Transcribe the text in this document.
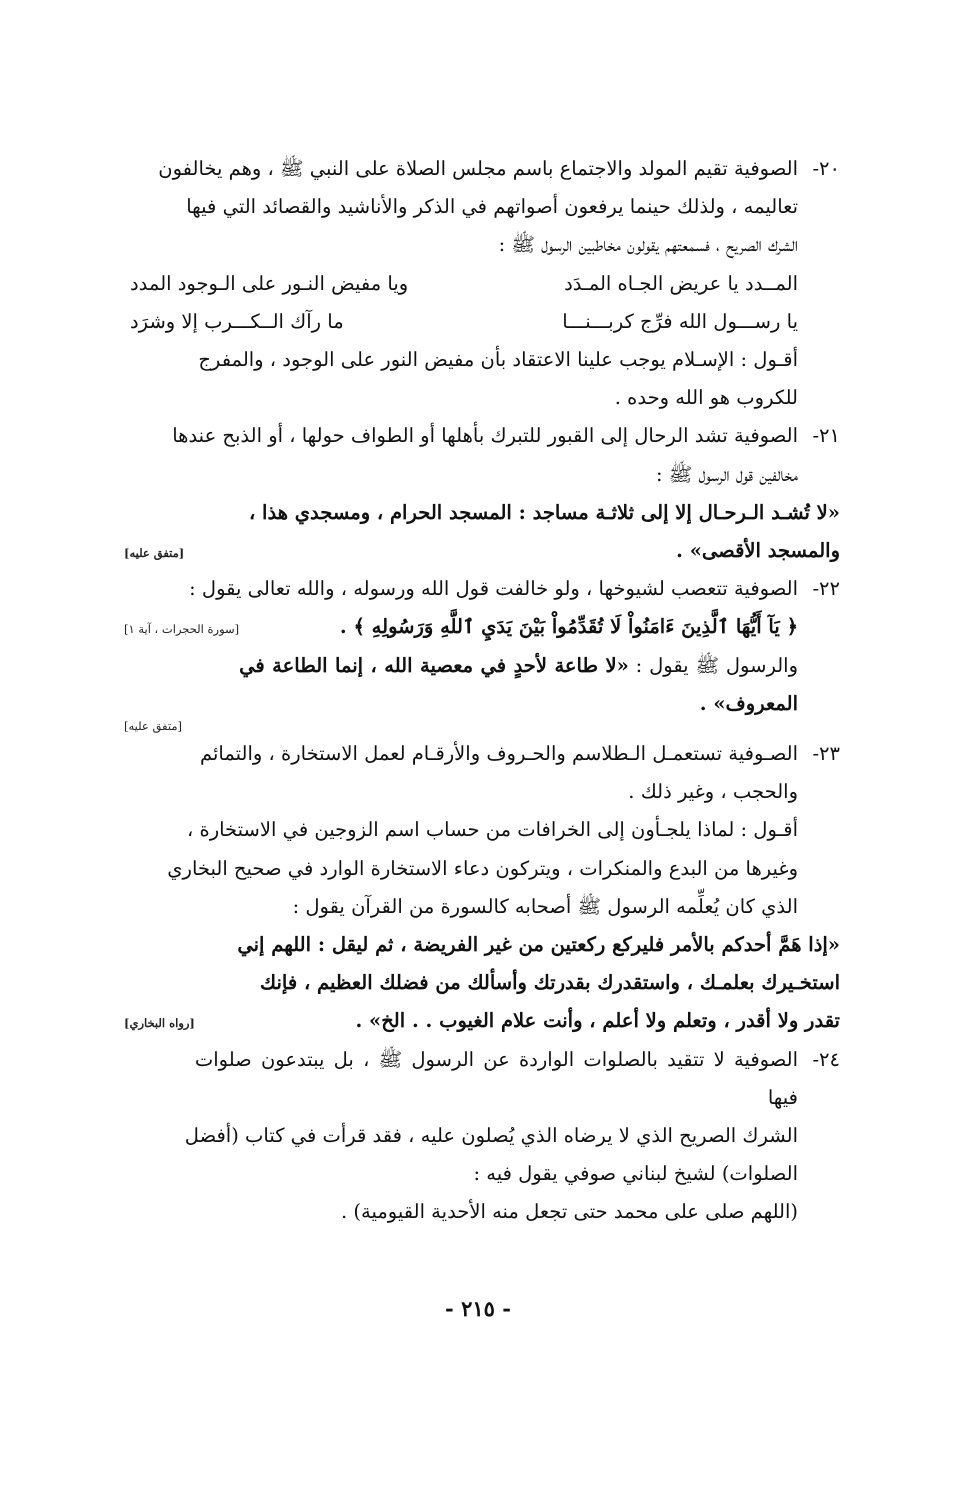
٢٠-

الصوفية تقيم المولد والاجتماع باسم مجلس الصلاة على النبي ﷺ ، وهم يخالفون

تعاليمه ، ولذلك حينما يرفعون أصواتهم في الذكر والأناشيد والقصائد التي فيها

الشرك الصريح ، فسمعتهم يقولون مخاطبين الرسول ﷺ :

المــدد يا عريض الجـاه المـدَد
ويا مفيض النـور على الـوجود المدد
يا رســـول الله فرِّج كربـــنـــا
ما رآك الــكـــرب إلا وشرَد

أقـول : الإسـلام يوجب علينا الاعتقاد بأن مفيض النور على الوجود ، والمفرج

للكروب هو الله وحده .

٢١-

الصوفية تشد الرحال إلى القبور للتبرك بأهلها أو الطواف حولها ، أو الذبح عندها

مخالفين قول الرسول ﷺ :

«لا تُشـد الـرحـال إلا إلى ثلاثـة مساجد : المسجد الحرام ، ومسجدي هذا ،

والمسجد الأقصى» .
[متفق عليه]

٢٢-

الصوفية تتعصب لشيوخها ، ولو خالفت قول الله ورسوله ، والله تعالى يقول :

﴿ يَآ أَيُّهَا ٱلَّذِينَ ءَامَنُواْ لَا تُقَدِّمُواْ بَيْنَ يَدَيِ ٱللَّهِ وَرَسُولِهِ ﴾ .
[سورة الحجرات ، آية ١]

والرسول ﷺ يقول : «لا طاعة لأحدٍ في معصية الله ، إنما الطاعة في المعروف» .

[متفق عليه]
٢٣-

الصـوفية تستعمـل الـطلاسم والحـروف والأرقـام لعمل الاستخارة ، والتمائم

والحجب ، وغير ذلك .

أقـول : لماذا يلجـأون إلى الخرافات من حساب اسم الزوجين في الاستخارة ،

وغيرها من البدع والمنكرات ، ويتركون دعاء الاستخارة الوارد في صحيح البخاري

الذي كان يُعلِّمه الرسول ﷺ أصحابه كالسورة من القرآن يقول :

«إذا هَمَّ أحدكم بالأمر فليركع ركعتين من غير الفريضة ، ثم ليقل : اللهم إني

استخـيرك بعلمـك ، واستقدرك بقدرتك وأسألك من فضلك العظيم ، فإنك

تقدر ولا أقدر ، وتعلم ولا أعلم ، وأنت علام الغيوب . . الخ» .
[رواه البخاري]

٢٤-

الصوفية لا تتقيد بالصلوات الواردة عن الرسول ﷺ ، بل يبتدعون صلوات فيها

الشرك الصريح الذي لا يرضاه الذي يُصلون عليه ، فقد قرأت في كتاب (أفضل

الصلوات) لشيخ لبناني صوفي يقول فيه :

(اللهم صلى على محمد حتى تجعل منه الأحدية القيومية) .

- ٢١٥ -
